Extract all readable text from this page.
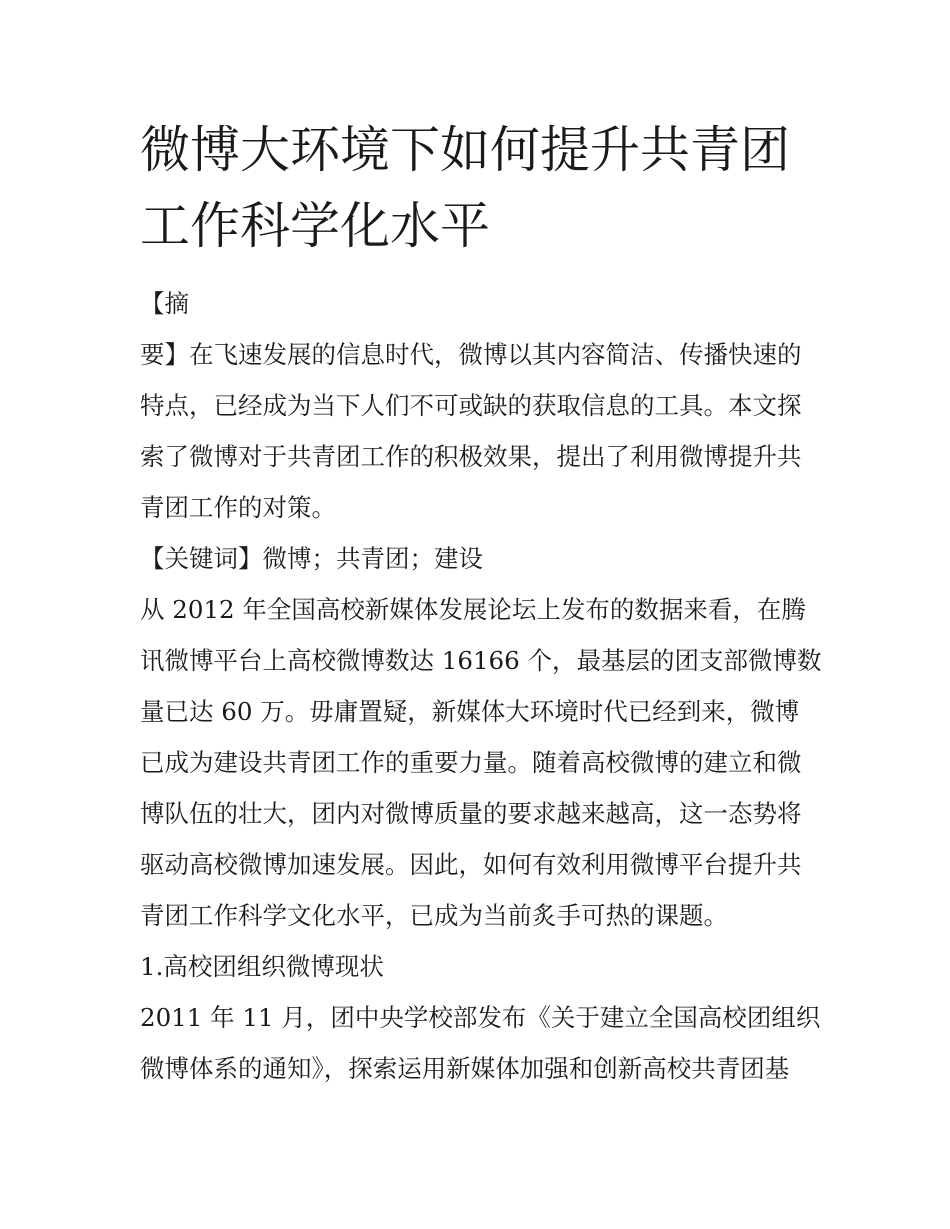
微博大环境下如何提升共青团
工作科学化水平
【摘
要】在飞速发展的信息时代，微博以其内容简洁、传播快速的
特点，已经成为当下人们不可或缺的获取信息的工具。本文探
索了微博对于共青团工作的积极效果，提出了利用微博提升共
青团工作的对策。
【关键词】微博；共青团；建设
从 2012 年全国高校新媒体发展论坛上发布的数据来看，在腾
讯微博平台上高校微博数达 16166 个，最基层的团支部微博数
量已达 60 万。毋庸置疑，新媒体大环境时代已经到来，微博
已成为建设共青团工作的重要力量。随着高校微博的建立和微
博队伍的壮大，团内对微博质量的要求越来越高，这一态势将
驱动高校微博加速发展。因此，如何有效利用微博平台提升共
青团工作科学文化水平，已成为当前炙手可热的课题。
1.高校团组织微博现状
2011 年 11 月，团中央学校部发布《关于建立全国高校团组织
微博体系的通知》，探索运用新媒体加强和创新高校共青团基
